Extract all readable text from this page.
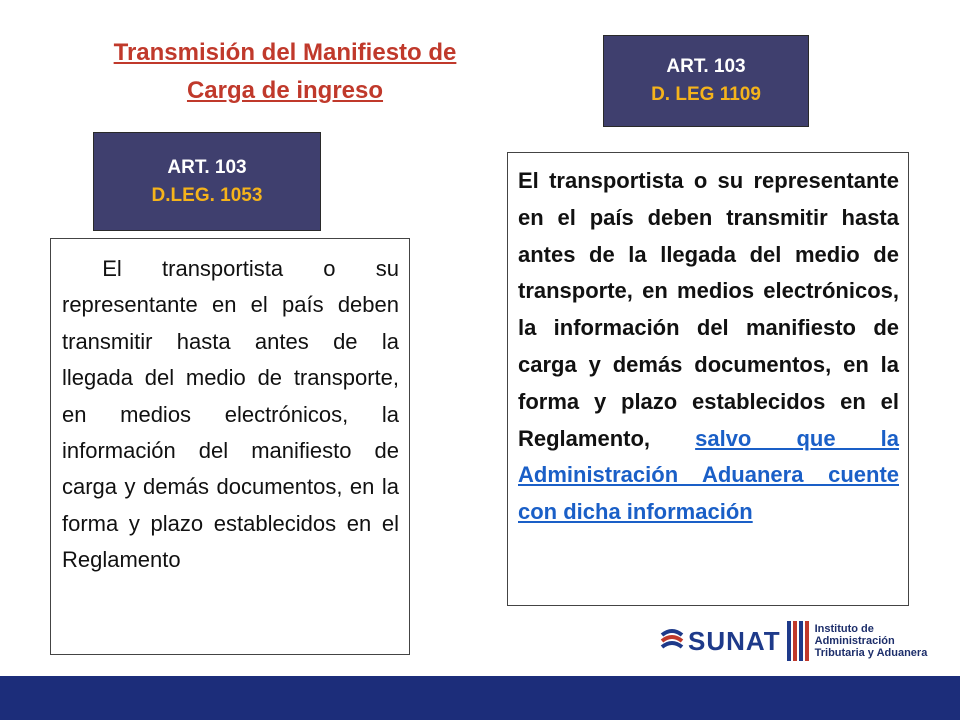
Transmisión del Manifiesto de
Carga de ingreso
ART. 103
D.LEG. 1053
ART. 103
D. LEG 1109
El transportista o su representante en el país deben transmitir hasta antes de la llegada del medio de transporte, en medios electrónicos, la información del manifiesto de carga y demás documentos, en la forma y plazo establecidos en el Reglamento
El transportista o su representante en el país deben transmitir hasta antes de la llegada del medio de transporte, en medios electrónicos, la información del manifiesto de carga y demás documentos, en la forma y plazo establecidos en el Reglamento, salvo que la Administración Aduanera cuente con dicha información
SUNAT	Instituto de
Administración
Tributaria y Aduanera
